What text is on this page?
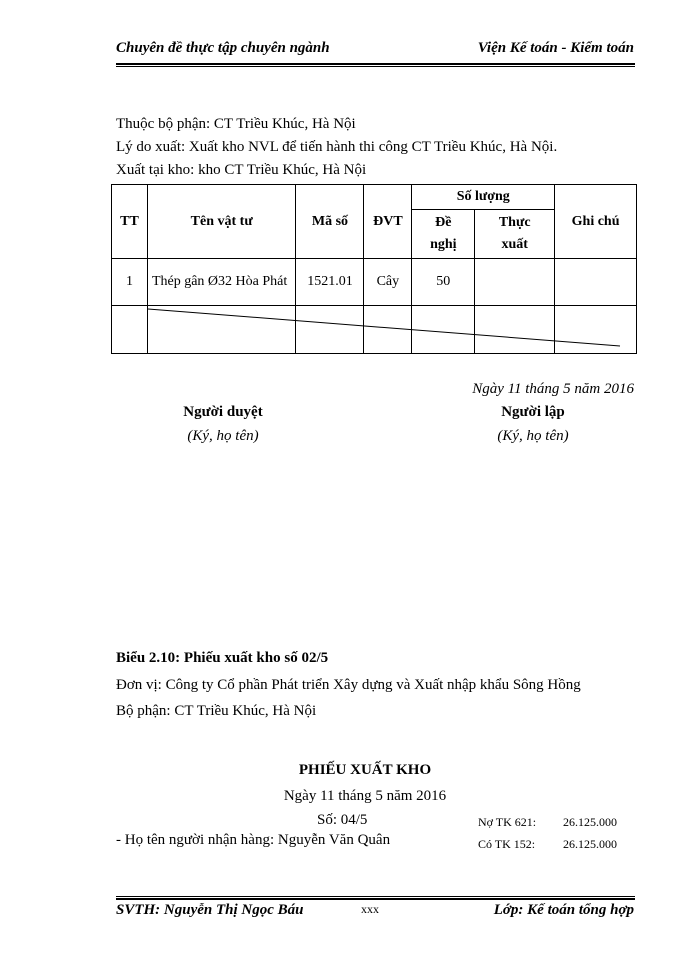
Chuyên đề thực tập chuyên ngành	Viện Kế toán - Kiểm toán
Thuộc bộ phận: CT Triều Khúc, Hà Nội
Lý do xuất: Xuất kho NVL để tiến hành thi công CT Triều Khúc, Hà Nội.
Xuất tại kho: kho CT Triều Khúc, Hà Nội
TT	Tên vật tư	Mã số	ĐVT	Số lượng		Ghi chú
				Đề nghị	Thực xuất	
1	Thép gân Ø32 Hòa Phát	1521.01	Cây	50		

Ngày 11 tháng 5 năm 2016
Người duyệt
(Ký, họ tên)
Người lập
(Ký, họ tên)
Biểu 2.10: Phiếu xuất kho số 02/5
Đơn vị: Công ty Cổ phần Phát triển Xây dựng và Xuất nhập khẩu Sông Hồng
Bộ phận: CT Triều Khúc, Hà Nội
PHIẾU XUẤT KHO
Ngày 11 tháng 5 năm 2016
Số: 04/5
- Họ tên người nhận hàng: Nguyễn Văn Quân
Nợ TK 621: 26.125.000
Có TK 152: 26.125.000
SVTH: Nguyễn Thị Ngọc Báu	xxx	Lớp: Kế toán tổng hợp
